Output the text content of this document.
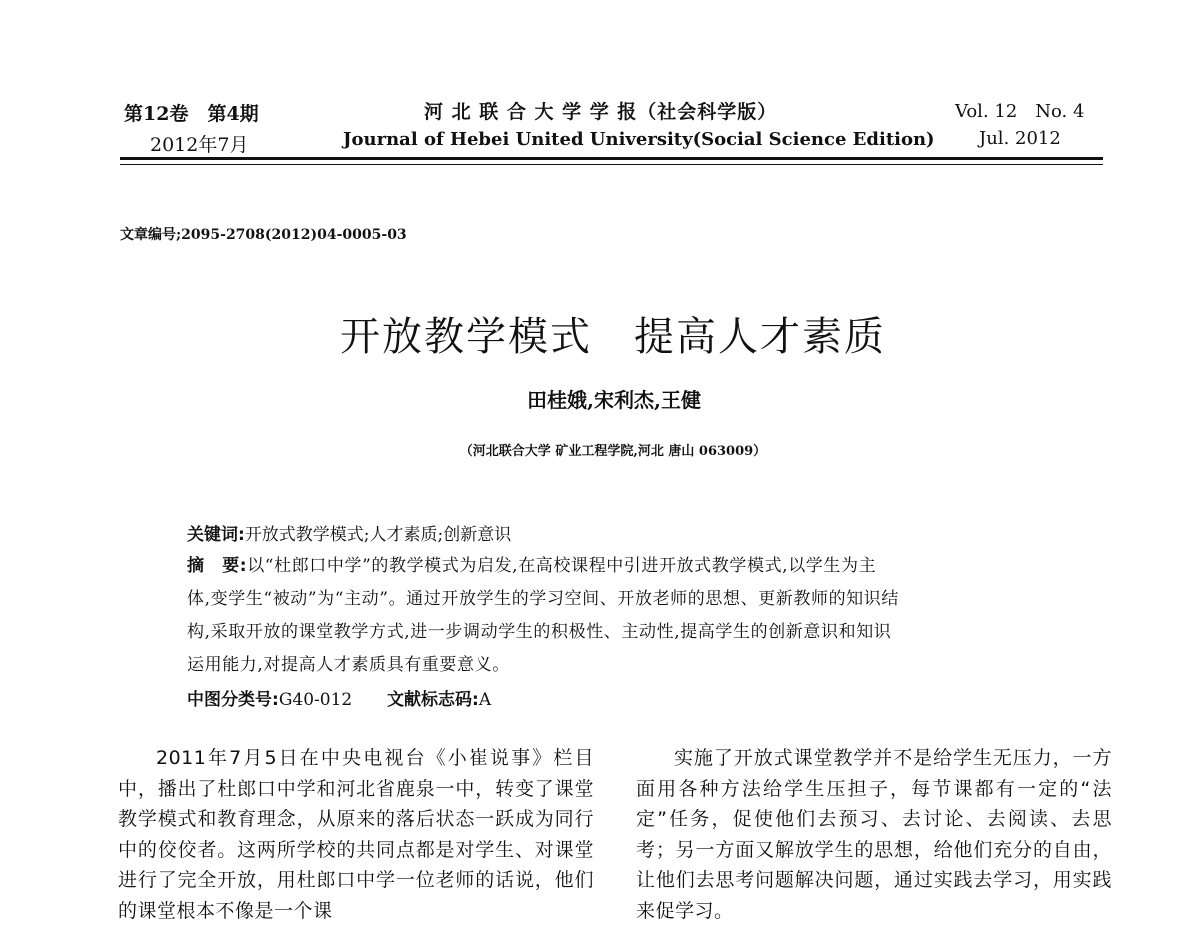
第12卷　第4期
2012年7月
河 北 联 合 大 学 学 报（社会科学版）
Journal of Hebei United University(Social Science Edition)
Vol. 12　No. 4
Jul. 2012
文章编号;2095-2708(2012)04-0005-03
开放教学模式　提高人才素质
田桂娥,宋利杰,王健
（河北联合大学 矿业工程学院,河北 唐山 063009）
关键词:开放式教学模式;人才素质;创新意识
摘　要:以“杜郎口中学”的教学模式为启发,在高校课程中引进开放式教学模式,以学生为主
体,变学生“被动”为“主动”。通过开放学生的学习空间、开放老师的思想、更新教师的知识结
构,采取开放的课堂教学方式,进一步调动学生的积极性、主动性,提高学生的创新意识和知识
运用能力,对提高人才素质具有重要意义。
中图分类号:G40-012 文献标志码:A

2011年7月5日在中央电视台《小崔说事》栏目中，播出了杜郎口中学和河北省鹿泉一中，转变了课堂教学模式和教育理念，从原来的落后状态一跃成为同行中的佼佼者。这两所学校的共同点都是对学生、对课堂进行了完全开放，用杜郎口中学一位老师的话说，他们的课堂根本不像是一个课

实施了开放式课堂教学并不是给学生无压力，一方面用各种方法给学生压担子，每节课都有一定的“法定”任务，促使他们去预习、去讨论、去阅读、去思考；另一方面又解放学生的思想，给他们充分的自由，让他们去思考问题解决问题，通过实践去学习，用实践来促学习。
